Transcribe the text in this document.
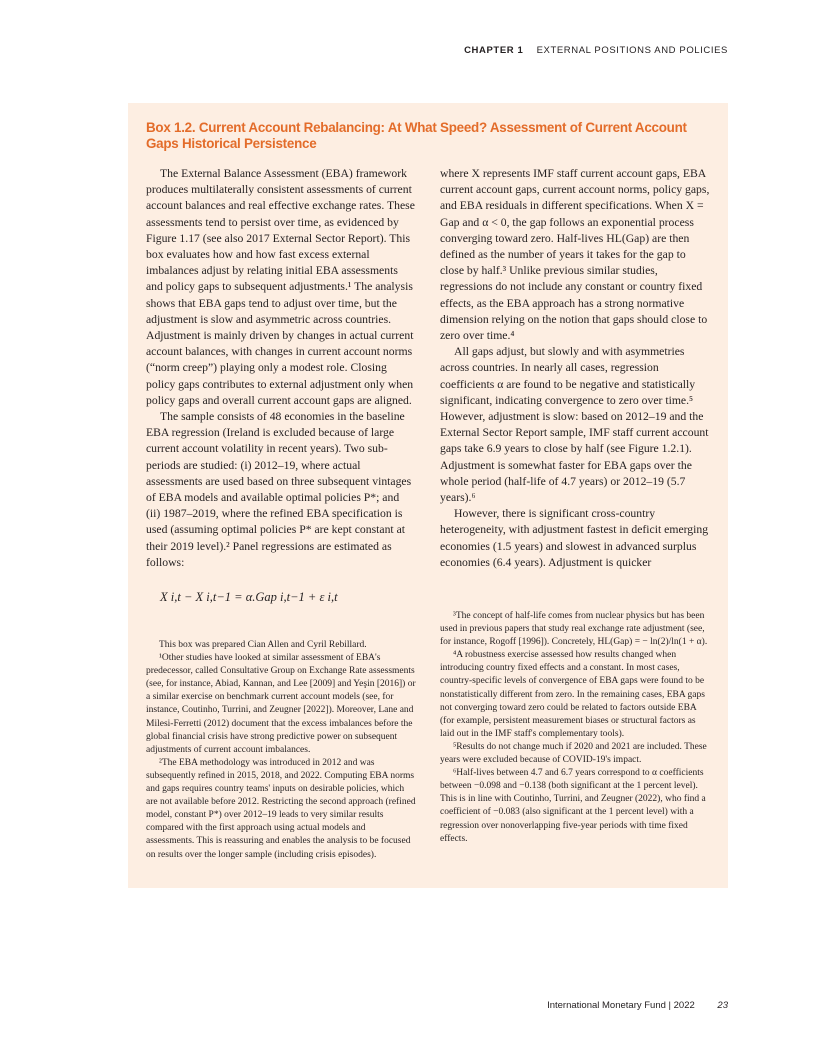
CHAPTER 1 EXTERNAL POSITIONS AND POLICIES
Box 1.2. Current Account Rebalancing: At What Speed? Assessment of Current Account Gaps Historical Persistence

The External Balance Assessment (EBA) framework produces multilaterally consistent assessments of current account balances and real effective exchange rates. These assessments tend to persist over time, as evidenced by Figure 1.17 (see also 2017 External Sector Report). This box evaluates how and how fast excess external imbalances adjust by relating initial EBA assessments and policy gaps to subsequent adjustments.¹ The analysis shows that EBA gaps tend to adjust over time, but the adjustment is slow and asymmetric across countries. Adjustment is mainly driven by changes in actual current account balances, with changes in current account norms (“norm creep”) playing only a modest role. Closing policy gaps contributes to external adjustment only when policy gaps and overall current account gaps are aligned.

The sample consists of 48 economies in the baseline EBA regression (Ireland is excluded because of large current account volatility in recent years). Two sub-periods are studied: (i) 2012–19, where actual assessments are used based on three subsequent vintages of EBA models and available optimal policies P*; and (ii) 1987–2019, where the refined EBA specification is used (assuming optimal policies P* are kept constant at their 2019 level).² Panel regressions are estimated as follows:

X i,t − X i,t−1 = α.Gap i,t−1 + ε i,t

This box was prepared Cian Allen and Cyril Rebillard.

¹Other studies have looked at similar assessment of EBA's predecessor, called Consultative Group on Exchange Rate assessments (see, for instance, Abiad, Kannan, and Lee [2009] and Yeşin [2016]) or a similar exercise on benchmark current account models (see, for instance, Coutinho, Turrini, and Zeugner [2022]). Moreover, Lane and Milesi-Ferretti (2012) document that the excess imbalances before the global financial crisis have strong predictive power on subsequent adjustments of current account imbalances.

²The EBA methodology was introduced in 2012 and was subsequently refined in 2015, 2018, and 2022. Computing EBA norms and gaps requires country teams' inputs on desirable policies, which are not available before 2012. Restricting the second approach (refined model, constant P*) over 2012–19 leads to very similar results compared with the first approach using actual models and assessments. This is reassuring and enables the analysis to be focused on results over the longer sample (including crisis episodes).

where X represents IMF staff current account gaps, EBA current account gaps, current account norms, policy gaps, and EBA residuals in different specifications. When X = Gap and α < 0, the gap follows an exponential process converging toward zero. Half-lives HL(Gap) are then defined as the number of years it takes for the gap to close by half.³ Unlike previous similar studies, regressions do not include any constant or country fixed effects, as the EBA approach has a strong normative dimension relying on the notion that gaps should close to zero over time.⁴

All gaps adjust, but slowly and with asymmetries across countries. In nearly all cases, regression coefficients α are found to be negative and statistically significant, indicating convergence to zero over time.⁵ However, adjustment is slow: based on 2012–19 and the External Sector Report sample, IMF staff current account gaps take 6.9 years to close by half (see Figure 1.2.1). Adjustment is somewhat faster for EBA gaps over the whole period (half-life of 4.7 years) or 2012–19 (5.7 years).⁶

However, there is significant cross-country heterogeneity, with adjustment fastest in deficit emerging economies (1.5 years) and slowest in advanced surplus economies (6.4 years). Adjustment is quicker

³The concept of half-life comes from nuclear physics but has been used in previous papers that study real exchange rate adjustment (see, for instance, Rogoff [1996]). Concretely, HL(Gap) = − ln(2)/ln(1 + α).

⁴A robustness exercise assessed how results changed when introducing country fixed effects and a constant. In most cases, country-specific levels of convergence of EBA gaps were found to be nonstatistically different from zero. In the remaining cases, EBA gaps not converging toward zero could be related to factors outside EBA (for example, persistent measurement biases or structural factors as laid out in the IMF staff's complementary tools).

⁵Results do not change much if 2020 and 2021 are included. These years were excluded because of COVID-19's impact.

⁶Half-lives between 4.7 and 6.7 years correspond to α coefficients between −0.098 and −0.138 (both significant at the 1 percent level). This is in line with Coutinho, Turrini, and Zeugner (2022), who find a coefficient of −0.083 (also significant at the 1 percent level) with a regression over nonoverlapping five-year periods with time fixed effects.

International Monetary Fund | 2022 23
